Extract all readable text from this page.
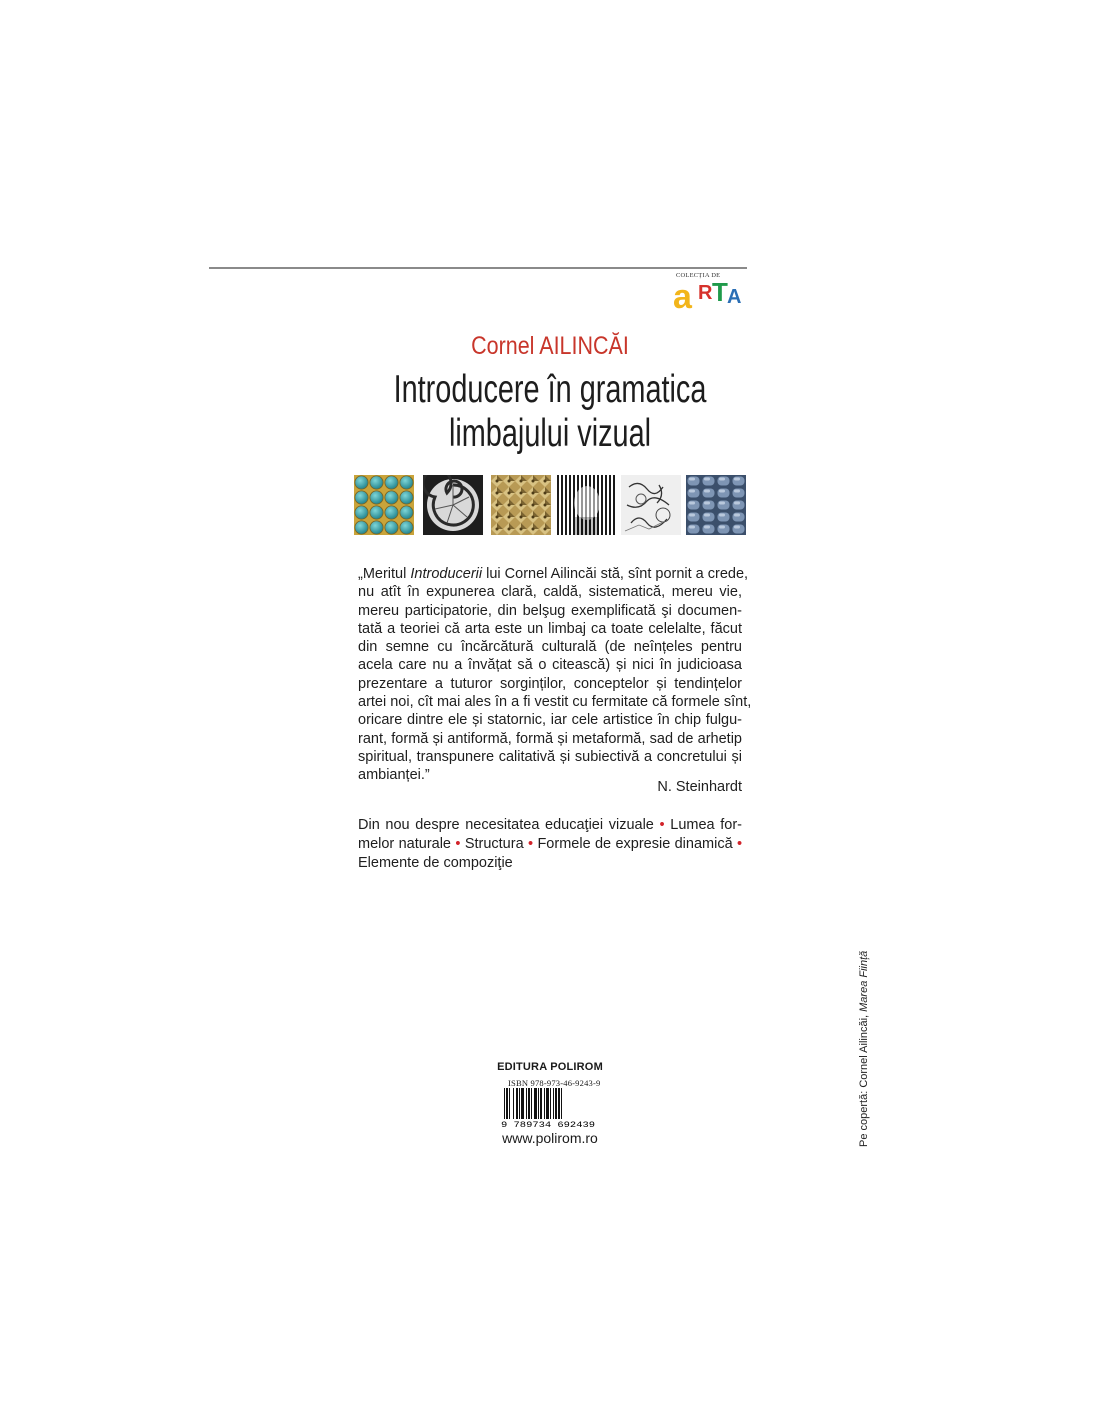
a R T A
COLECȚIA DE
Cornel AILINCĂI
Introducere în gramatica
limbajului vizual
„Meritul Introducerii lui Cornel Ailincăi stă, sînt pornit a crede,
nu atît în expunerea clară, caldă, sistematică, mereu vie,
mereu participatorie, din belşug exemplificată şi documen-
tată a teoriei că arta este un limbaj ca toate celelalte, făcut
din semne cu încărcătură culturală (de neînțeles pentru
acela care nu a învățat să o citească) și nici în judicioasa
prezentare a tuturor sorginților, conceptelor și tendințelor
artei noi, cît mai ales în a fi vestit cu fermitate că formele sînt,
oricare dintre ele și statornic, iar cele artistice în chip fulgu-
rant, formă și antiformă, formă și metaformă, sad de arhetip
spiritual, transpunere calitativă și subiectivă a concretului și
ambianței.”
N. Steinhardt
Din nou despre necesitatea educaţiei vizuale • Lumea for-
melor naturale • Structura • Formele de expresie dinamică •
Elemente de compoziţie
EDITURA POLIROM
ISBN 978-973-46-9243-9
9 789734 692439
www.polirom.ro	Pe copertă: Cornel Ailincăi, Marea Ființă
